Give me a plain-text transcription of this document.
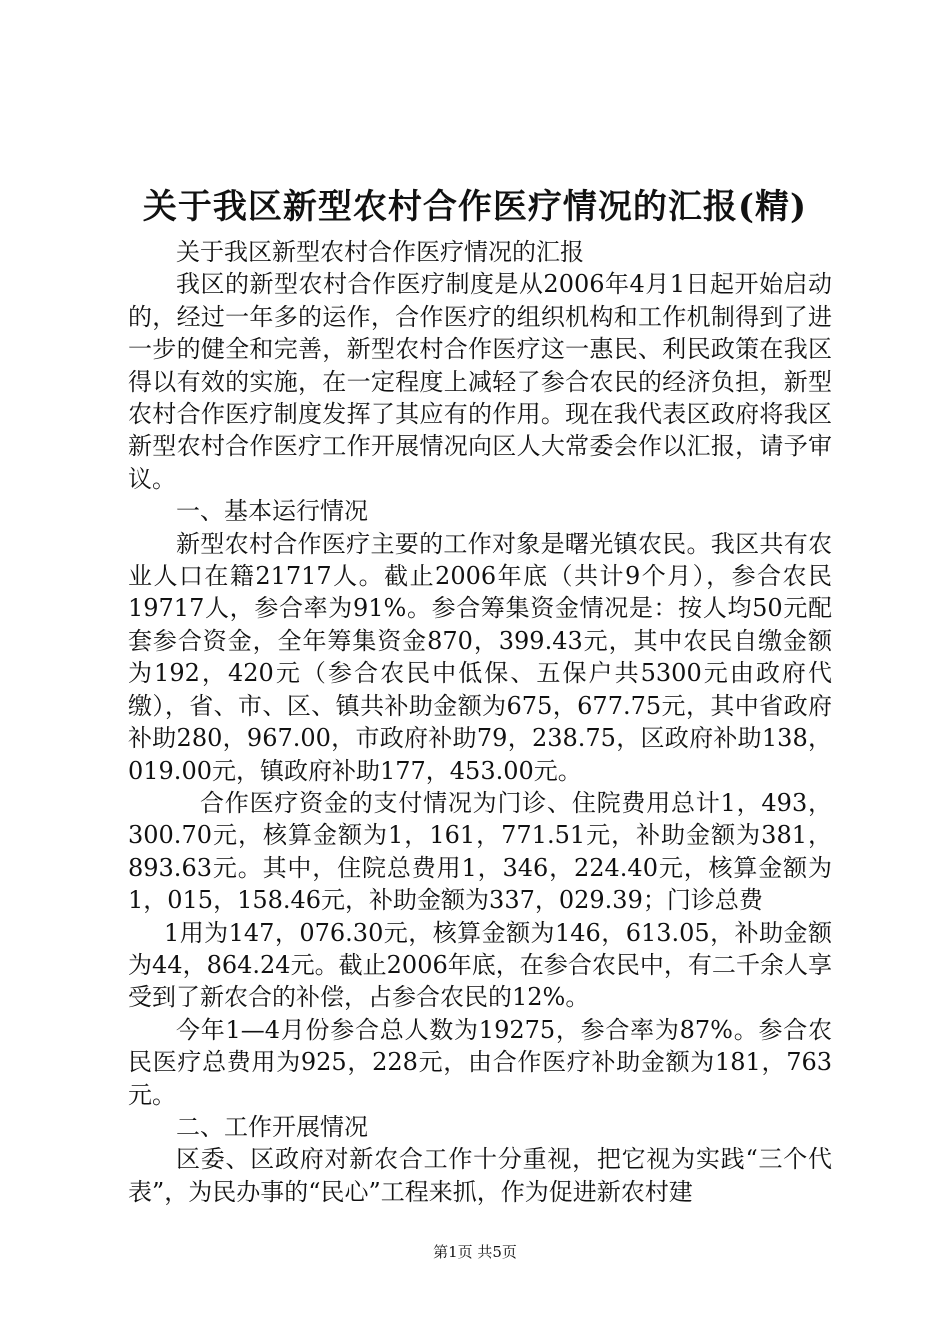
关于我区新型农村合作医疗情况的汇报(精)

关于我区新型农村合作医疗情况的汇报

我区的新型农村合作医疗制度是从2006年4月1日起开始启动的，经过一年多的运作，合作医疗的组织机构和工作机制得到了进一步的健全和完善，新型农村合作医疗这一惠民、利民政策在我区得以有效的实施，在一定程度上减轻了参合农民的经济负担，新型农村合作医疗制度发挥了其应有的作用。现在我代表区政府将我区新型农村合作医疗工作开展情况向区人大常委会作以汇报，请予审议。

一、基本运行情况

新型农村合作医疗主要的工作对象是曙光镇农民。我区共有农业人口在籍21717人。截止2006年底（共计9个月），参合农民19717人，参合率为91%。参合筹集资金情况是：按人均50元配套参合资金，全年筹集资金870，399.43元，其中农民自缴金额为192，420元（参合农民中低保、五保户共5300元由政府代缴），省、市、区、镇共补助金额为675，677.75元，其中省政府补助280，967.00，市政府补助79，238.75，区政府补助138，019.00元，镇政府补助177，453.00元。

合作医疗资金的支付情况为门诊、住院费用总计1，493，300.70元，核算金额为1，161，771.51元，补助金额为381，893.63元。其中，住院总费用1，346，224.40元，核算金额为1，015，158.46元，补助金额为337，029.39；门诊总费

1用为147，076.30元，核算金额为146，613.05，补助金额为44，864.24元。截止2006年底，在参合农民中，有二千余人享受到了新农合的补偿，占参合农民的12%。

今年1—4月份参合总人数为19275，参合率为87%。参合农民医疗总费用为925，228元，由合作医疗补助金额为181，763元。

二、工作开展情况

区委、区政府对新农合工作十分重视，把它视为实践“三个代表”，为民办事的“民心”工程来抓，作为促进新农村建

第1页 共5页
